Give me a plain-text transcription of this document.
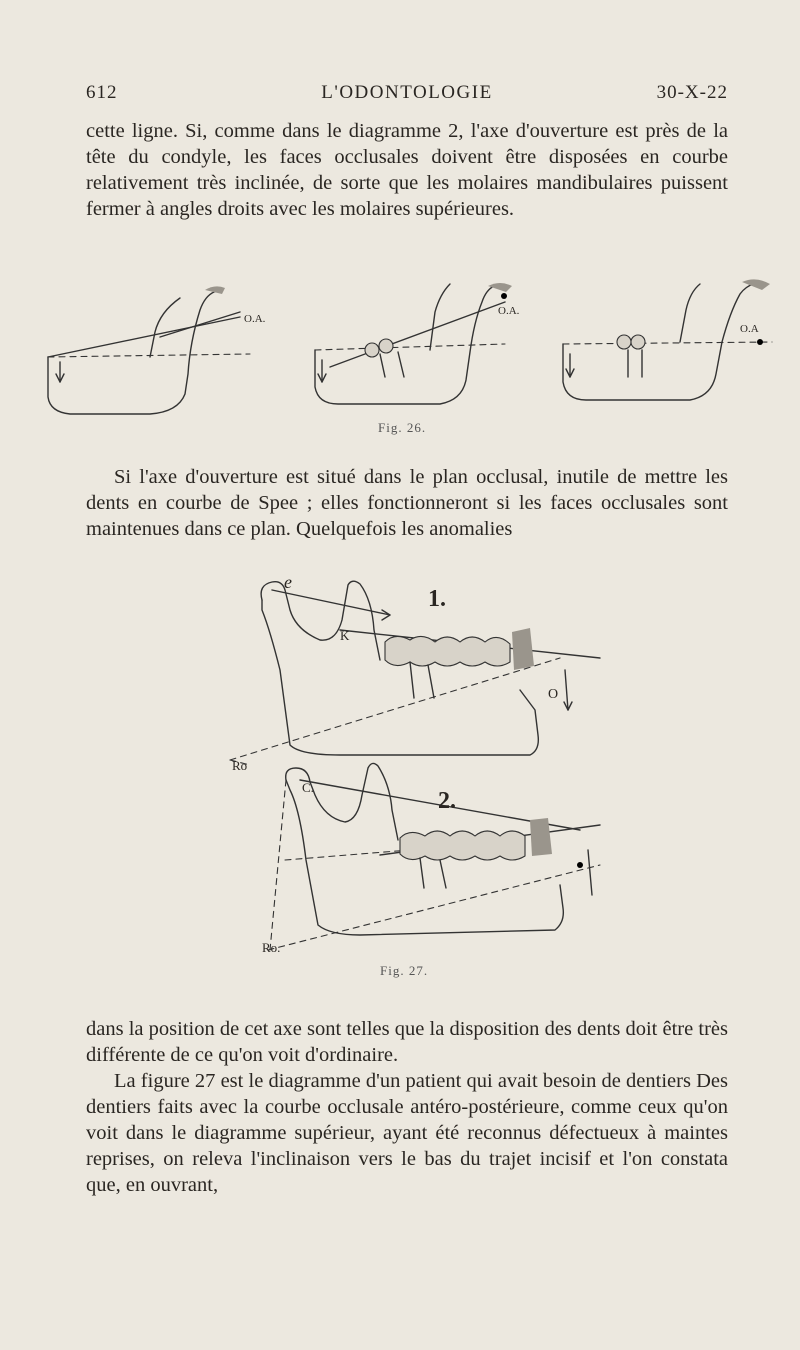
612	L'ODONTOLOGIE	30-X-22

cette ligne. Si, comme dans le diagramme 2, l'axe d'ouverture est près de la tête du condyle, les faces occlusales doivent être disposées en courbe relativement très inclinée, de sorte que les molaires mandibulaires puissent fermer à angles droits avec les molaires supérieures.

O.A.
O.A.
O.A
Fig. 26.

Si l'axe d'ouverture est situé dans le plan occlusal, inutile de mettre les dents en courbe de Spee ; elles fonctionneront si les faces occlusales sont maintenues dans ce plan. Quelquefois les anomalies

e
1.
K
O
Ro
C.
2.
Ro.
Fig. 27.

dans la position de cet axe sont telles que la disposition des dents doit être très différente de ce qu'on voit d'ordinaire.

La figure 27 est le diagramme d'un patient qui avait besoin de dentiers Des dentiers faits avec la courbe occlusale antéro-postérieure, comme ceux qu'on voit dans le diagramme supérieur, ayant été reconnus défectueux à maintes reprises, on releva l'inclinaison vers le bas du trajet incisif et l'on constata que, en ouvrant,
